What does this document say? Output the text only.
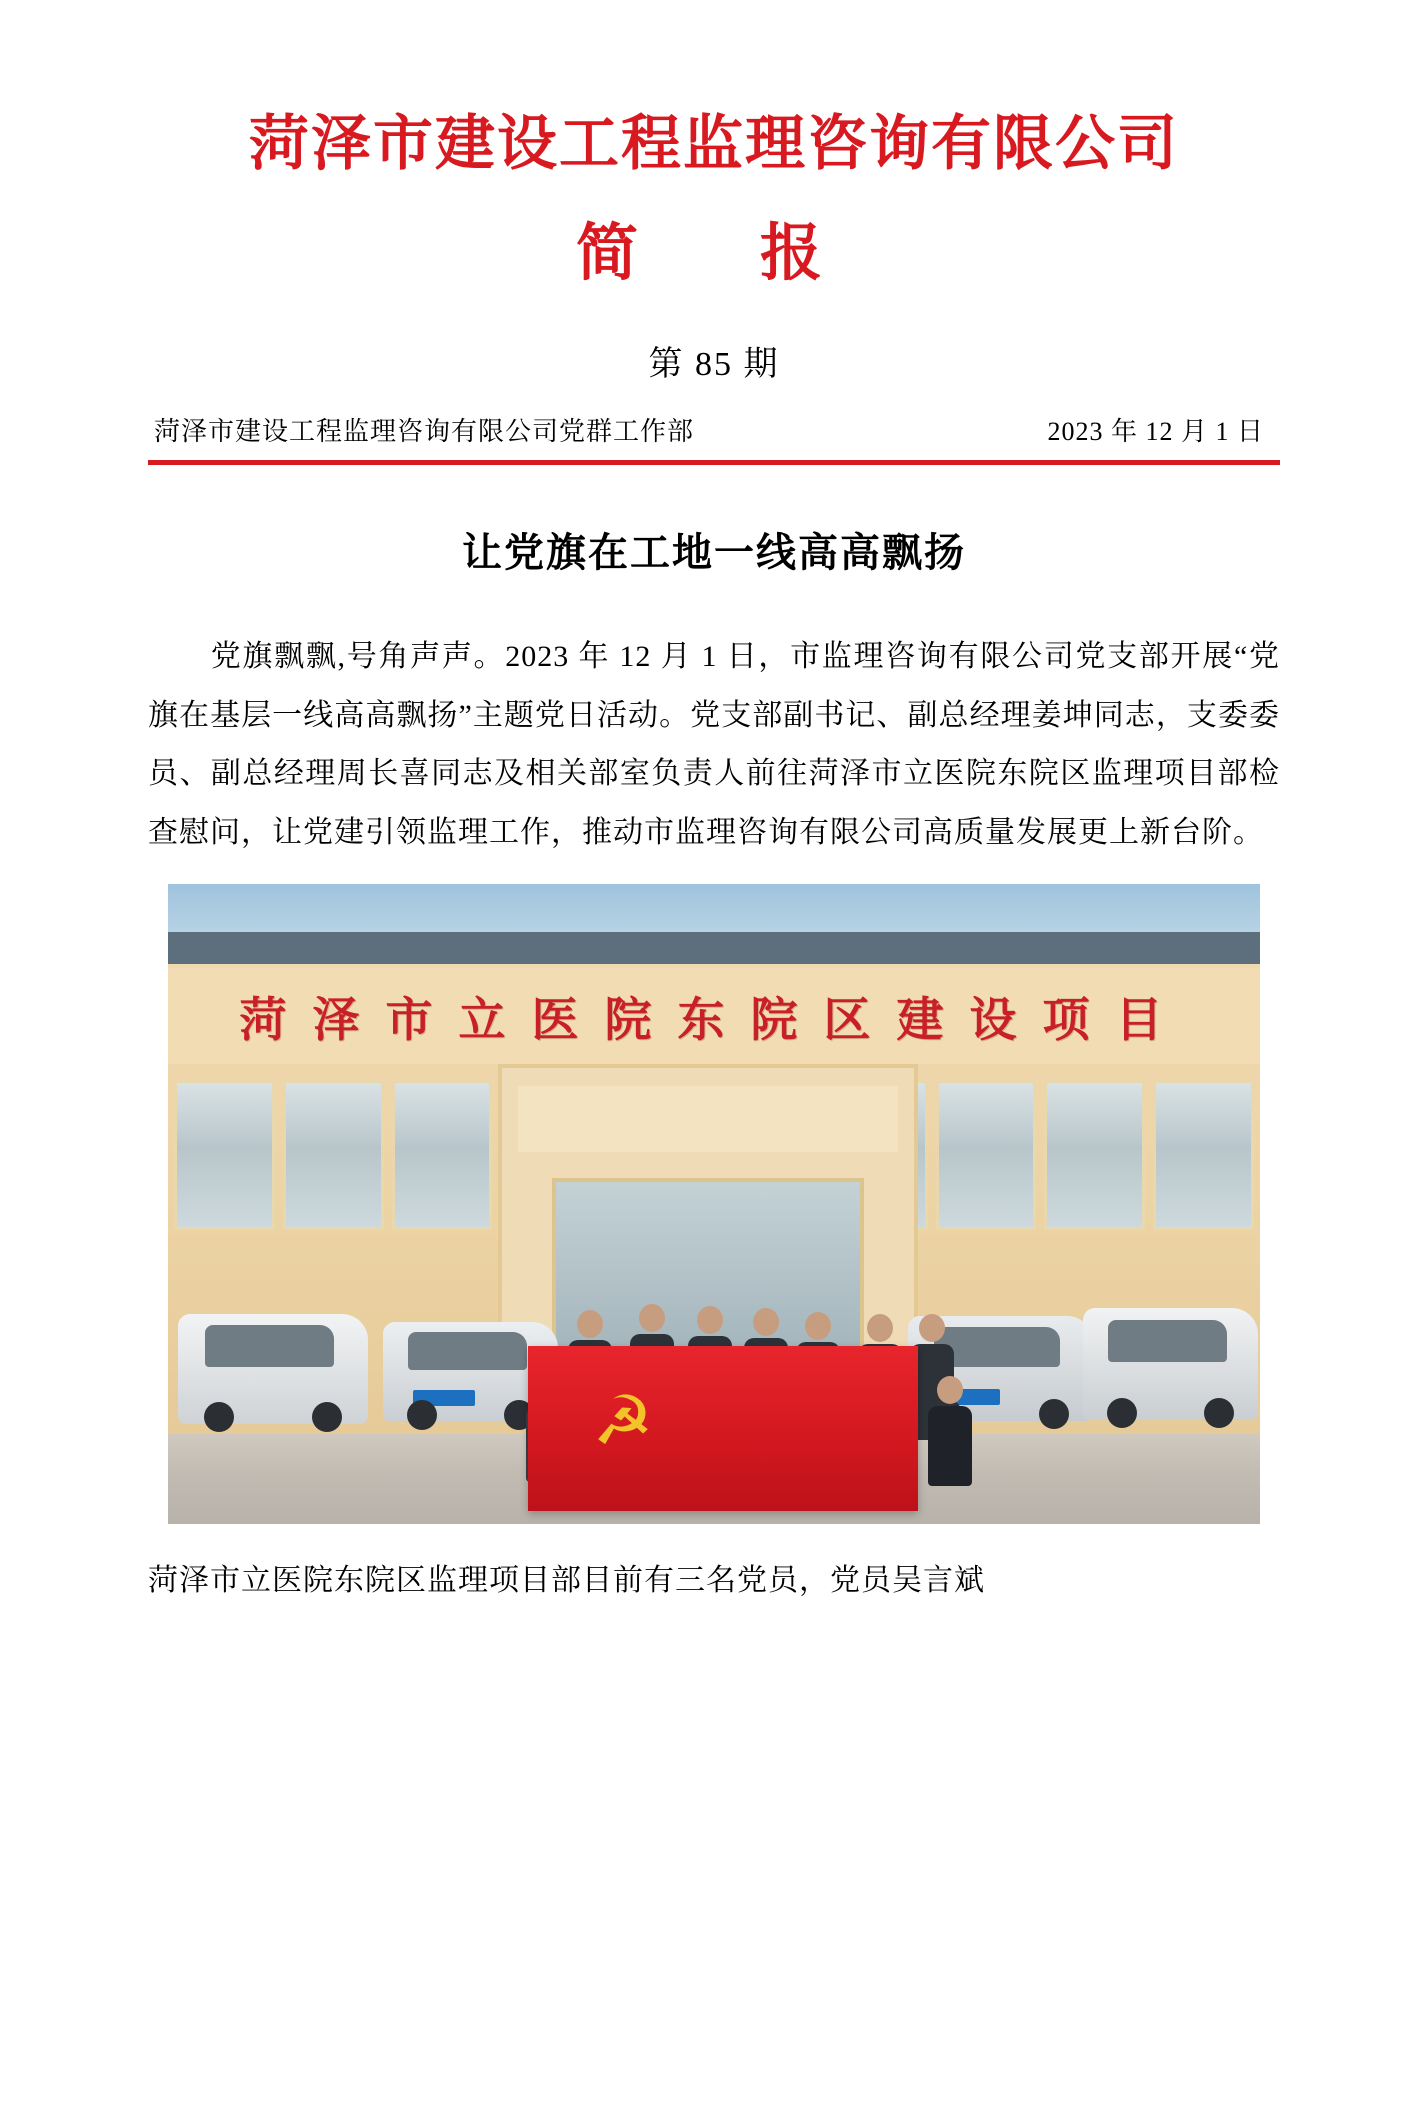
菏泽市建设工程监理咨询有限公司
简　报
第 85 期
菏泽市建设工程监理咨询有限公司党群工作部	2023 年 12 月 1 日
让党旗在工地一线高高飘扬
党旗飘飘,号角声声。2023 年 12 月 1 日，市监理咨询有限公司党支部开展“党旗在基层一线高高飘扬”主题党日活动。党支部副书记、副总经理姜坤同志，支委委员、副总经理周长喜同志及相关部室负责人前往菏泽市立医院东院区监理项目部检查慰问，让党建引领监理工作，推动市监理咨询有限公司高质量发展更上新台阶。
菏泽市立医院东院区建设项目
☭
菏泽市立医院东院区监理项目部目前有三名党员，党员吴言斌
